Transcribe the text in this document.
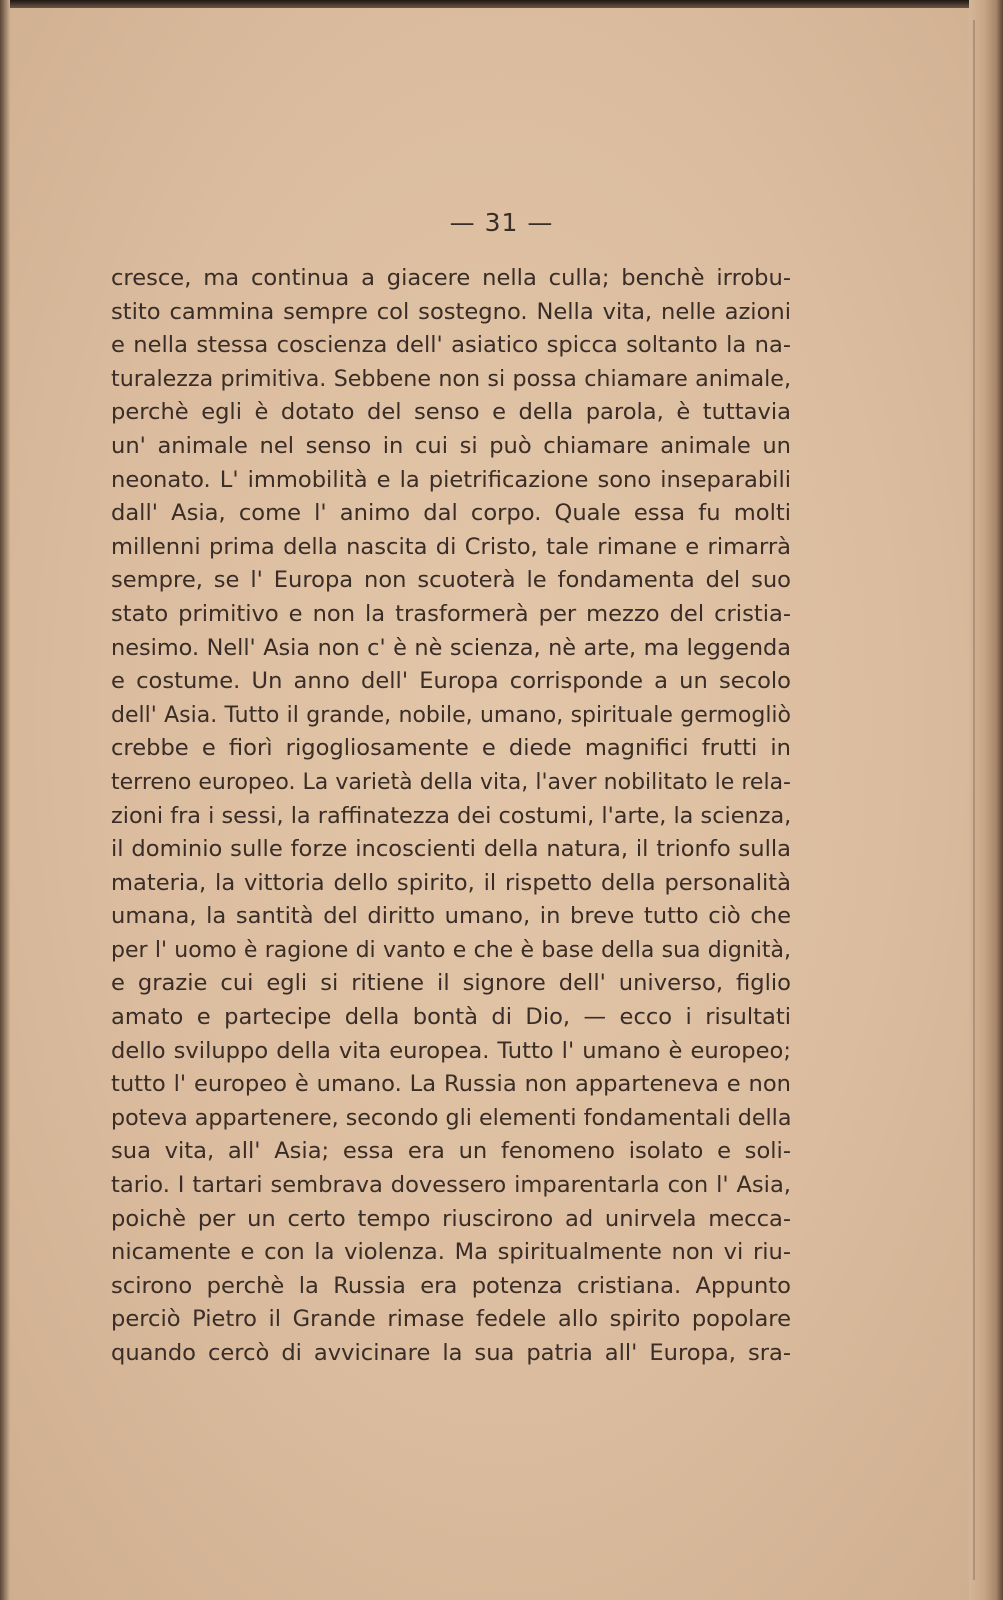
— 31 —
cresce, ma continua a giacere nella culla; benchè irrobu-
stito cammina sempre col sostegno. Nella vita, nelle azioni
e nella stessa coscienza dell' asiatico spicca soltanto la na-
turalezza primitiva. Sebbene non si possa chiamare animale,
perchè egli è dotato del senso e della parola, è tuttavia
un' animale nel senso in cui si può chiamare animale un
neonato. L' immobilità e la pietrificazione sono inseparabili
dall' Asia, come l' animo dal corpo. Quale essa fu molti
millenni prima della nascita di Cristo, tale rimane e rimarrà
sempre, se l' Europa non scuoterà le fondamenta del suo
stato primitivo e non la trasformerà per mezzo del cristia-
nesimo. Nell' Asia non c' è nè scienza, nè arte, ma leggenda
e costume. Un anno dell' Europa corrisponde a un secolo
dell' Asia. Tutto il grande, nobile, umano, spirituale germogliò
crebbe e fiorì rigogliosamente e diede magnifici frutti in
terreno europeo. La varietà della vita, l'aver nobilitato le rela-
zioni fra i sessi, la raffinatezza dei costumi, l'arte, la scienza,
il dominio sulle forze incoscienti della natura, il trionfo sulla
materia, la vittoria dello spirito, il rispetto della personalità
umana, la santità del diritto umano, in breve tutto ciò che
per l' uomo è ragione di vanto e che è base della sua dignità,
e grazie cui egli si ritiene il signore dell' universo, figlio
amato e partecipe della bontà di Dio, — ecco i risultati
dello sviluppo della vita europea. Tutto l' umano è europeo;
tutto l' europeo è umano. La Russia non apparteneva e non
poteva appartenere, secondo gli elementi fondamentali della
sua vita, all' Asia; essa era un fenomeno isolato e soli-
tario. I tartari sembrava dovessero imparentarla con l' Asia,
poichè per un certo tempo riuscirono ad unirvela mecca-
nicamente e con la violenza. Ma spiritualmente non vi riu-
scirono perchè la Russia era potenza cristiana. Appunto
perciò Pietro il Grande rimase fedele allo spirito popolare
quando cercò di avvicinare la sua patria all' Europa, sra-
